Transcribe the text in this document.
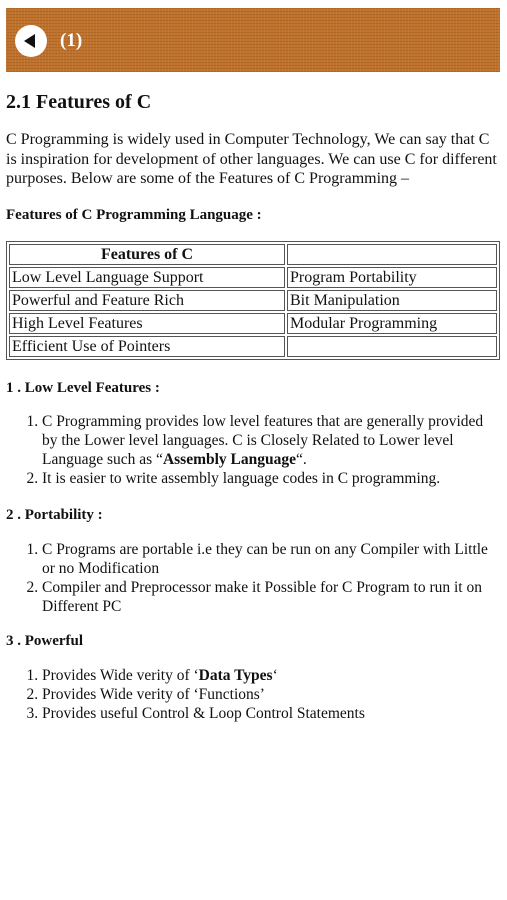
(1)
2.1 Features of C

C Programming is widely used in Computer Technology, We can say that C is inspiration for development of other languages. We can use C for different purposes. Below are some of the Features of C Programming –

Features of C Programming Language :

Features of C	
Low Level Language Support	Program Portability
Powerful and Feature Rich	Bit Manipulation
High Level Features	Modular Programming
Efficient Use of Pointers	

1 . Low Level Features :

1. C Programming provides low level features that are generally provided by the Lower level languages. C is Closely Related to Lower level Language such as “Assembly Language“.
2. It is easier to write assembly language codes in C programming.

2 . Portability :

1. C Programs are portable i.e they can be run on any Compiler with Little or no Modification
2. Compiler and Preprocessor make it Possible for C Program to run it on Different PC

3 . Powerful

1. Provides Wide verity of ‘Data Types‘
2. Provides Wide verity of ‘Functions’
3. Provides useful Control & Loop Control Statements
